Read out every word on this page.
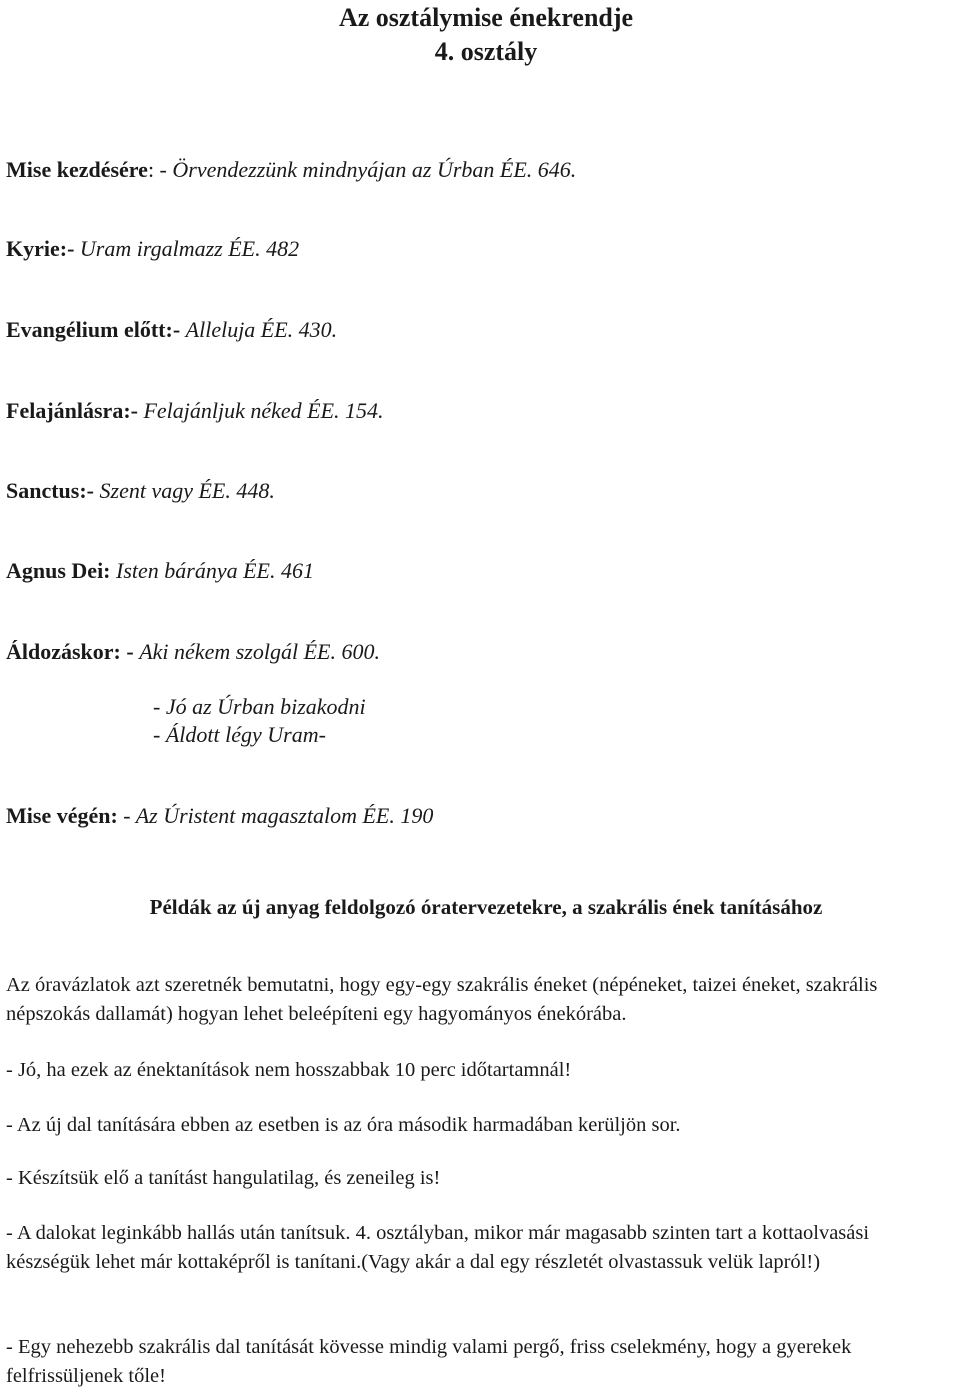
Az osztálymise énekrendje
4. osztály
Mise kezdésére: - Örvendezzünk mindnyájan az Úrban ÉE. 646.
Kyrie:- Uram irgalmazz ÉE. 482
Evangélium előtt:- Alleluja ÉE. 430.
Felajánlásra:- Felajánljuk néked ÉE. 154.
Sanctus:- Szent vagy ÉE. 448.
Agnus Dei: Isten báránya ÉE. 461
Áldozáskor: - Aki nékem szolgál ÉE. 600.
- Jó az Úrban bizakodni
- Áldott légy Uram-
Mise végén: - Az Úristent magasztalom ÉE. 190
Példák az új anyag feldolgozó óratervezetekre, a szakrális ének tanításához
Az óravázlatok azt szeretnék bemutatni, hogy egy-egy szakrális éneket (népéneket, taizei éneket, szakrális népszokás dallamát) hogyan lehet beleépíteni egy hagyományos énekórába.
- Jó, ha ezek az énektanítások nem hosszabbak 10 perc időtartamnál!
- Az új dal tanítására ebben az esetben is az óra második harmadában kerüljön sor.
- Készítsük elő a tanítást hangulatilag, és zeneileg is!
- A dalokat leginkább hallás után tanítsuk. 4. osztályban, mikor már magasabb szinten tart a kottaolvasási készségük lehet már kottaképről is tanítani.(Vagy akár a dal egy részletét olvastassuk velük lapról!)
- Egy nehezebb szakrális dal tanítását kövesse mindig valami pergő, friss cselekmény, hogy a gyerekek felfrissüljenek tőle!
